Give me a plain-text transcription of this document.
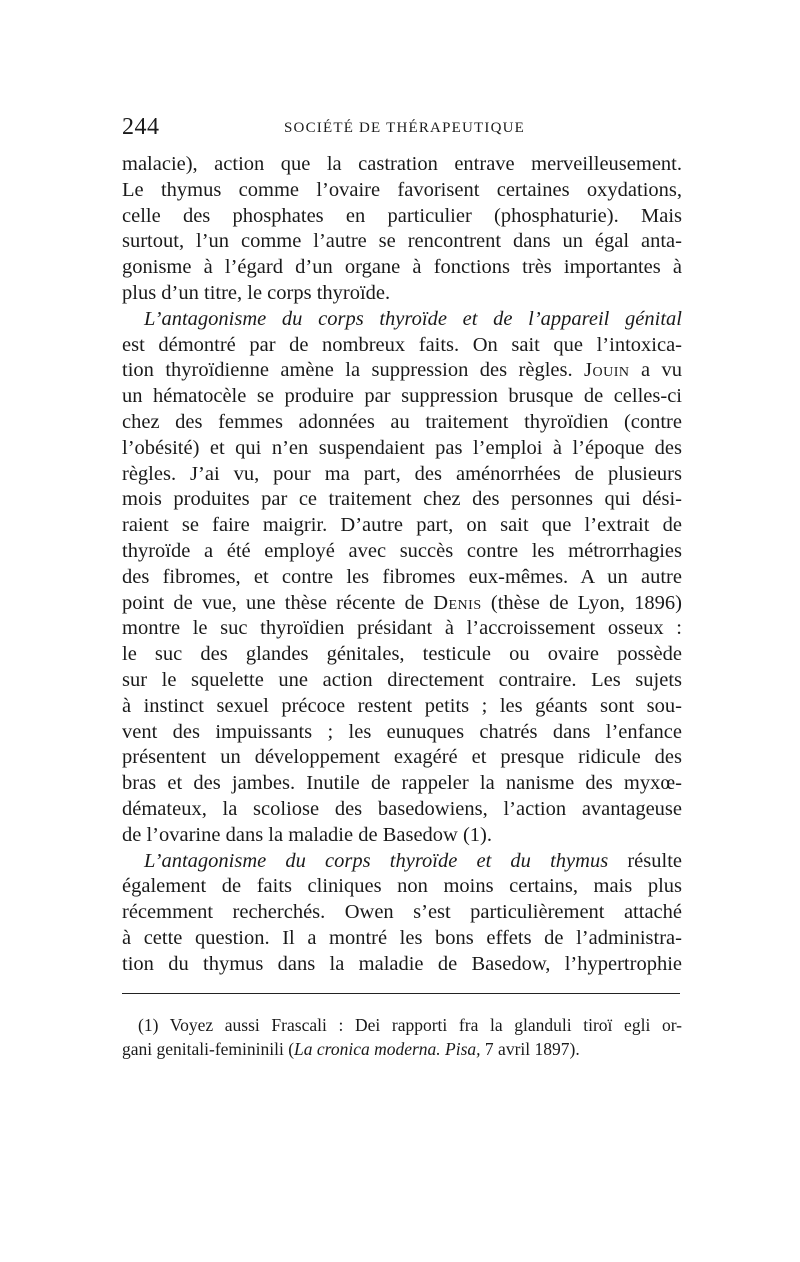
244	SOCIÉTÉ DE THÉRAPEUTIQUE
malacie), action que la castration entrave merveilleusement.
Le thymus comme l’ovaire favorisent certaines oxydations,
celle des phosphates en particulier (phosphaturie). Mais
surtout, l’un comme l’autre se rencontrent dans un égal anta-
gonisme à l’égard d’un organe à fonctions très importantes à
plus d’un titre, le corps thyroïde.
L’antagonisme du corps thyroïde et de l’appareil génital
est démontré par de nombreux faits. On sait que l’intoxica-
tion thyroïdienne amène la suppression des règles. Jouin a vu
un hématocèle se produire par suppression brusque de celles-ci
chez des femmes adonnées au traitement thyroïdien (contre
l’obésité) et qui n’en suspendaient pas l’emploi à l’époque des
règles. J’ai vu, pour ma part, des aménorrhées de plusieurs
mois produites par ce traitement chez des personnes qui dési-
raient se faire maigrir. D’autre part, on sait que l’extrait de
thyroïde a été employé avec succès contre les métrorrhagies
des fibromes, et contre les fibromes eux-mêmes. A un autre
point de vue, une thèse récente de Denis (thèse de Lyon, 1896)
montre le suc thyroïdien présidant à l’accroissement osseux :
le suc des glandes génitales, testicule ou ovaire possède
sur le squelette une action directement contraire. Les sujets
à instinct sexuel précoce restent petits ; les géants sont sou-
vent des impuissants ; les eunuques chatrés dans l’enfance
présentent un développement exagéré et presque ridicule des
bras et des jambes. Inutile de rappeler la nanisme des myxœ-
démateux, la scoliose des basedowiens, l’action avantageuse
de l’ovarine dans la maladie de Basedow (1).
L’antagonisme du corps thyroïde et du thymus résulte
également de faits cliniques non moins certains, mais plus
récemment recherchés. Owen s’est particulièrement attaché
à cette question. Il a montré les bons effets de l’administra-
tion du thymus dans la maladie de Basedow, l’hypertrophie
(1) Voyez aussi Frascali : Dei rapporti fra la glanduli tiroï egli or-
gani genitali-femininili (La cronica moderna. Pisa, 7 avril 1897).
